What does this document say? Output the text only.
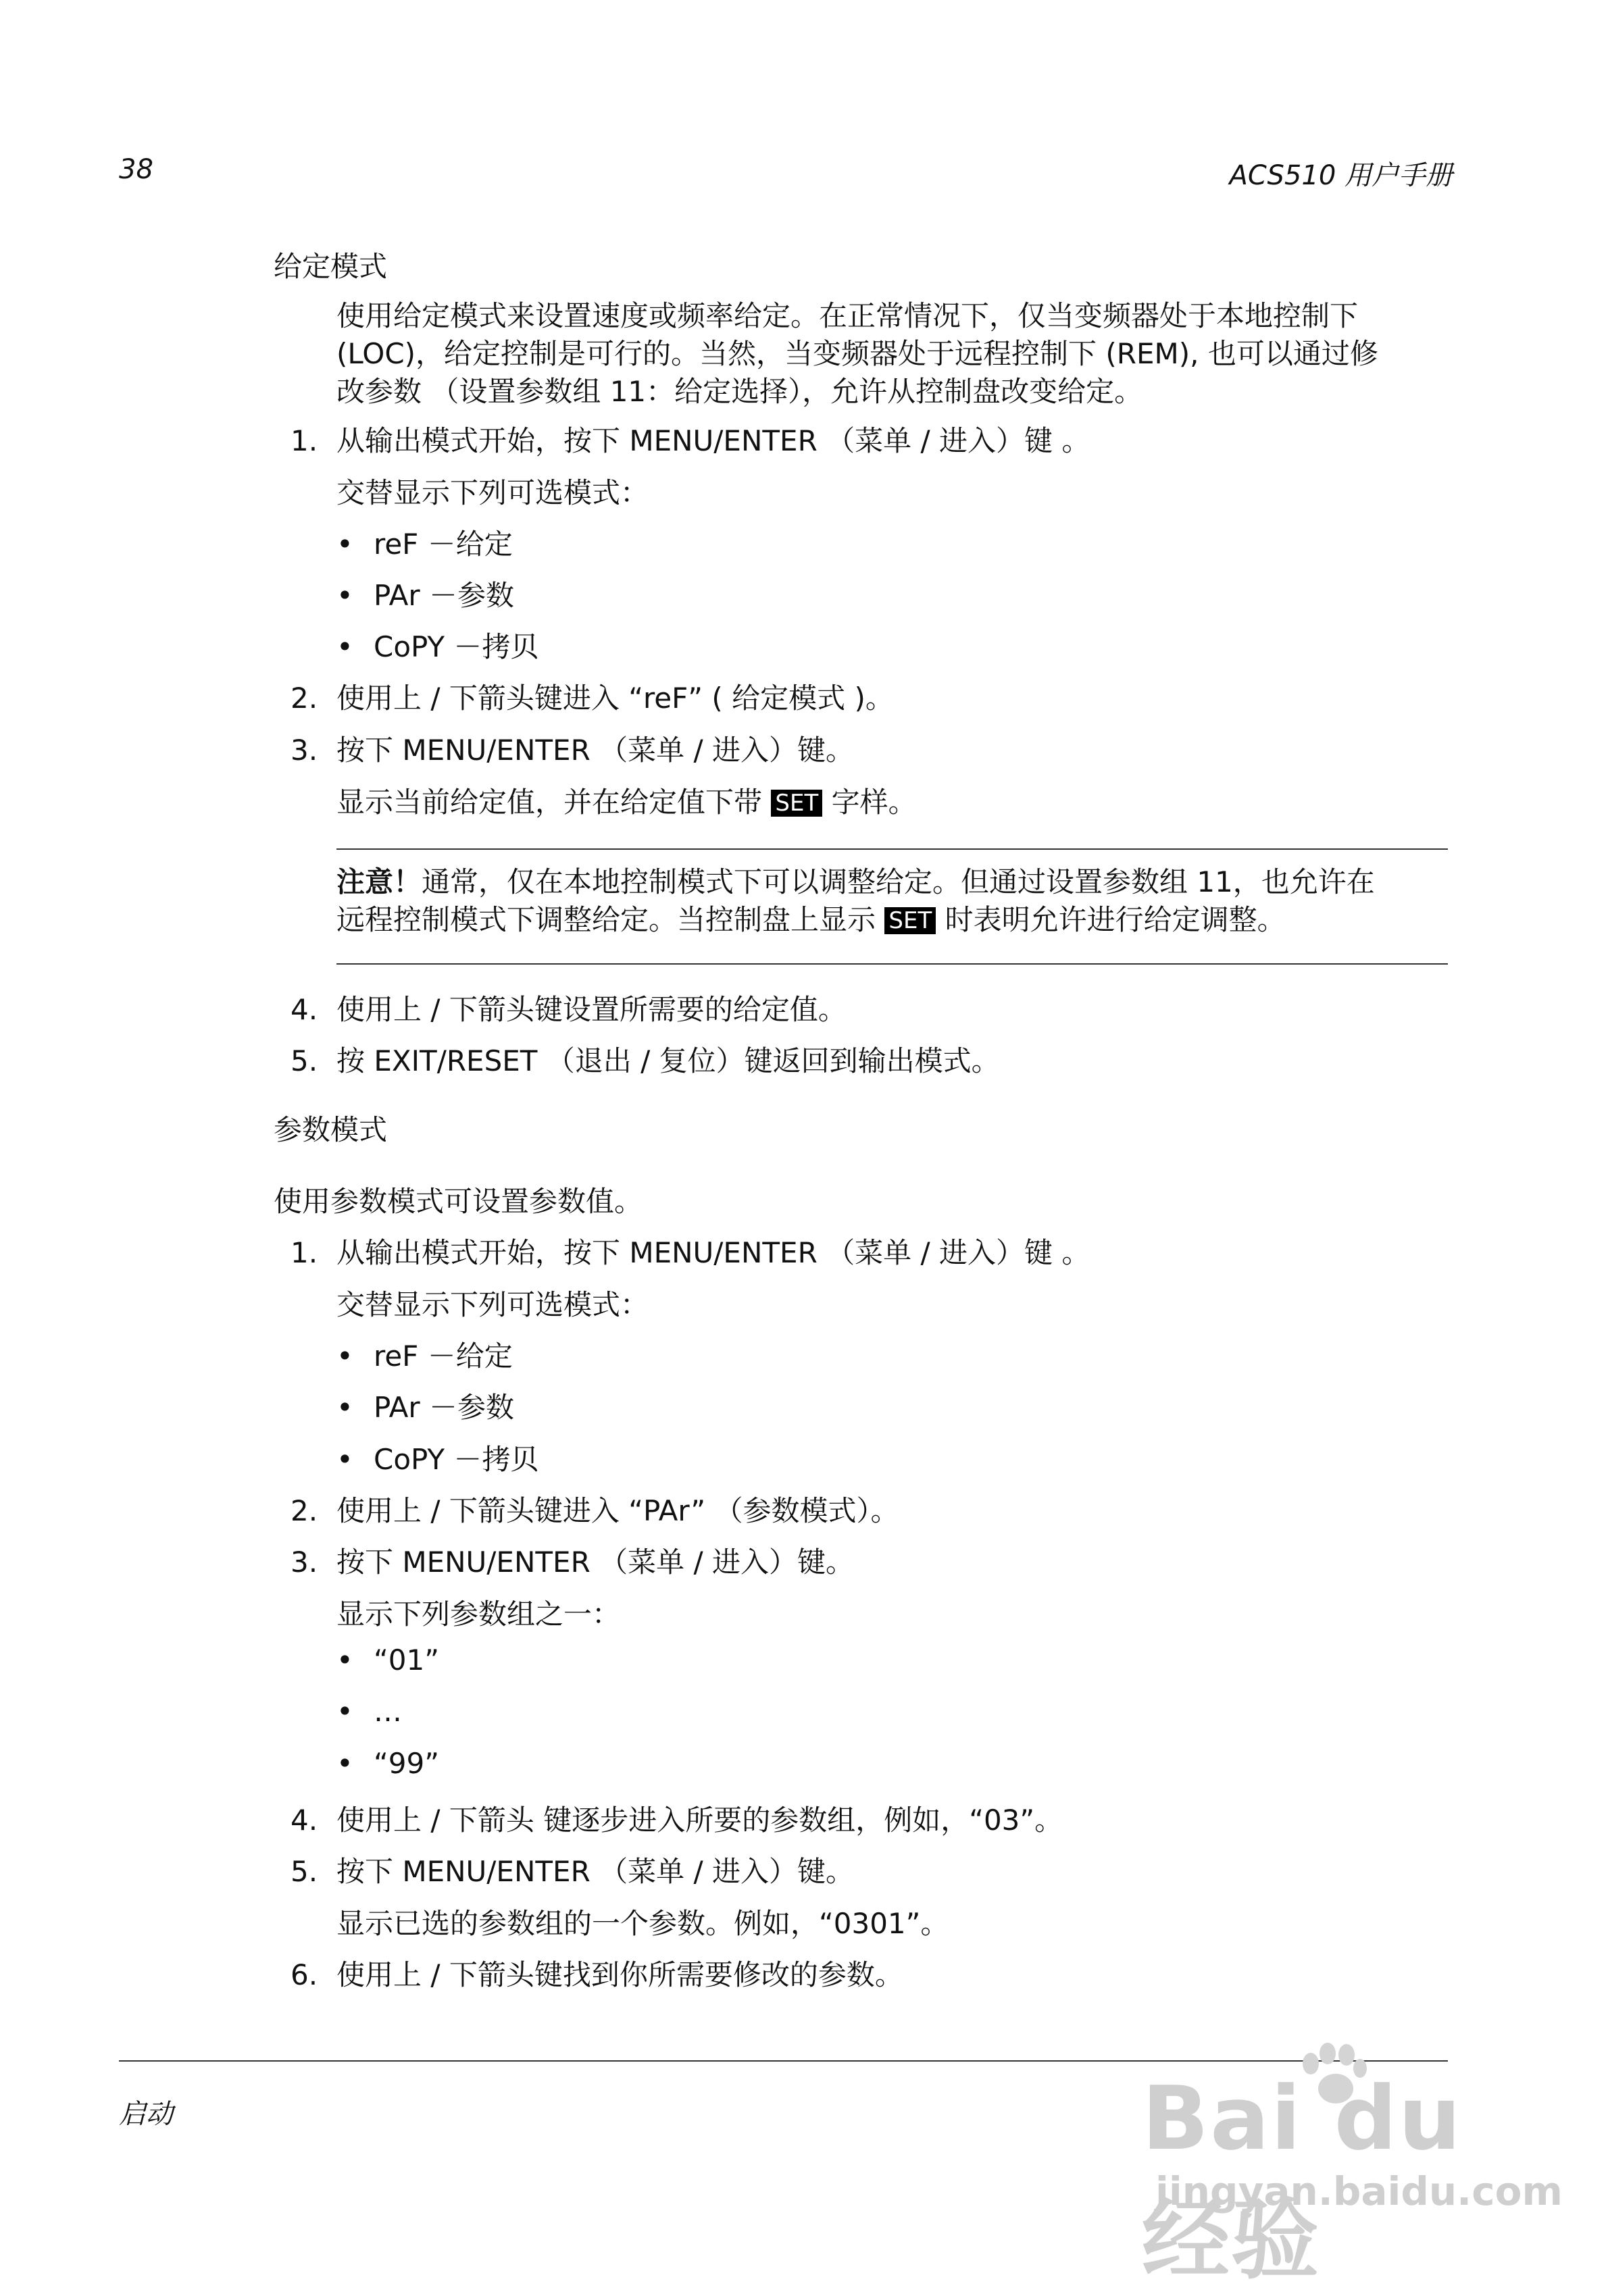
38	ACS510 用户手册
给定模式
使用给定模式来设置速度或频率给定。在正常情况下，仅当变频器处于本地控制下
(LOC)，给定控制是可行的。当然，当变频器处于远程控制下 (REM), 也可以通过修
改参数 （设置参数组 11：给定选择），允许从控制盘改变给定。
1. 从输出模式开始，按下 MENU/ENTER （菜单 / 进入）键 。
交替显示下列可选模式：
• reF －给定
• PAr －参数
• CoPY －拷贝
2. 使用上 / 下箭头键进入 “reF” ( 给定模式 )。
3. 按下 MENU/ENTER （菜单 / 进入）键。
显示当前给定值，并在给定值下带 SET 字样。
注意！通常，仅在本地控制模式下可以调整给定。但通过设置参数组 11，也允许在
远程控制模式下调整给定。当控制盘上显示 SET 时表明允许进行给定调整。
4. 使用上 / 下箭头键设置所需要的给定值。
5. 按 EXIT/RESET （退出 / 复位）键返回到输出模式。
参数模式
使用参数模式可设置参数值。
1. 从输出模式开始，按下 MENU/ENTER （菜单 / 进入）键 。
交替显示下列可选模式：
• reF －给定
• PAr －参数
• CoPY －拷贝
2. 使用上 / 下箭头键进入 “PAr” （参数模式）。
3. 按下 MENU/ENTER （菜单 / 进入）键。
显示下列参数组之一：
• “01”
• …
• “99”
4. 使用上 / 下箭头 键逐步进入所要的参数组，例如，“03”。
5. 按下 MENU/ENTER （菜单 / 进入）键。
显示已选的参数组的一个参数。例如，“0301”。
6. 使用上 / 下箭头键找到你所需要修改的参数。
启动	Bai du 经验
jingyan.baidu.com
